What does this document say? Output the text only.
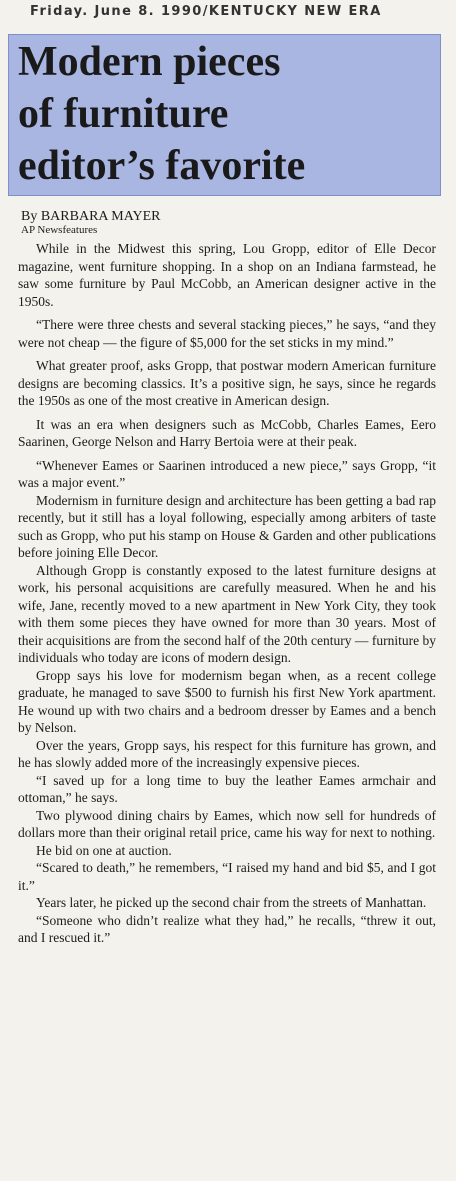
Friday. June 8. 1990/KENTUCKY NEW ERA
Modern pieces
of furniture
editor’s favorite
By BARBARA MAYER
AP Newsfeatures

While in the Midwest this spring, Lou Gropp, editor of Elle Decor magazine, went furniture shopping. In a shop on an Indiana farmstead, he saw some furniture by Paul McCobb, an American designer active in the 1950s.

“There were three chests and several stacking pieces,” he says, “and they were not cheap — the figure of $5,000 for the set sticks in my mind.”

What greater proof, asks Gropp, that postwar modern American furniture designs are becoming classics. It’s a positive sign, he says, since he regards the 1950s as one of the most creative in American design.

It was an era when designers such as McCobb, Charles Eames, Eero Saarinen, George Nelson and Harry Bertoia were at their peak.

“Whenever Eames or Saarinen introduced a new piece,” says Gropp, “it was a major event.”

Modernism in furniture design and architecture has been getting a bad rap recently, but it still has a loyal following, especially among arbiters of taste such as Gropp, who put his stamp on House & Garden and other publications before joining Elle Decor.

Although Gropp is constantly exposed to the latest furniture designs at work, his personal acquisitions are carefully measured. When he and his wife, Jane, recently moved to a new apartment in New York City, they took with them some pieces they have owned for more than 30 years. Most of their acquisitions are from the second half of the 20th century — furniture by individuals who today are icons of modern design.

Gropp says his love for modernism began when, as a recent college graduate, he managed to save $500 to furnish his first New York apartment. He wound up with two chairs and a bedroom dresser by Eames and a bench by Nelson.

Over the years, Gropp says, his respect for this furniture has grown, and he has slowly added more of the increasingly expensive pieces.

“I saved up for a long time to buy the leather Eames armchair and ottoman,” he says.

Two plywood dining chairs by Eames, which now sell for hundreds of dollars more than their original retail price, came his way for next to nothing.

He bid on one at auction.

“Scared to death,” he remembers, “I raised my hand and bid $5, and I got it.”

Years later, he picked up the second chair from the streets of Manhattan.

“Someone who didn’t realize what they had,” he recalls, “threw it out, and I rescued it.”
